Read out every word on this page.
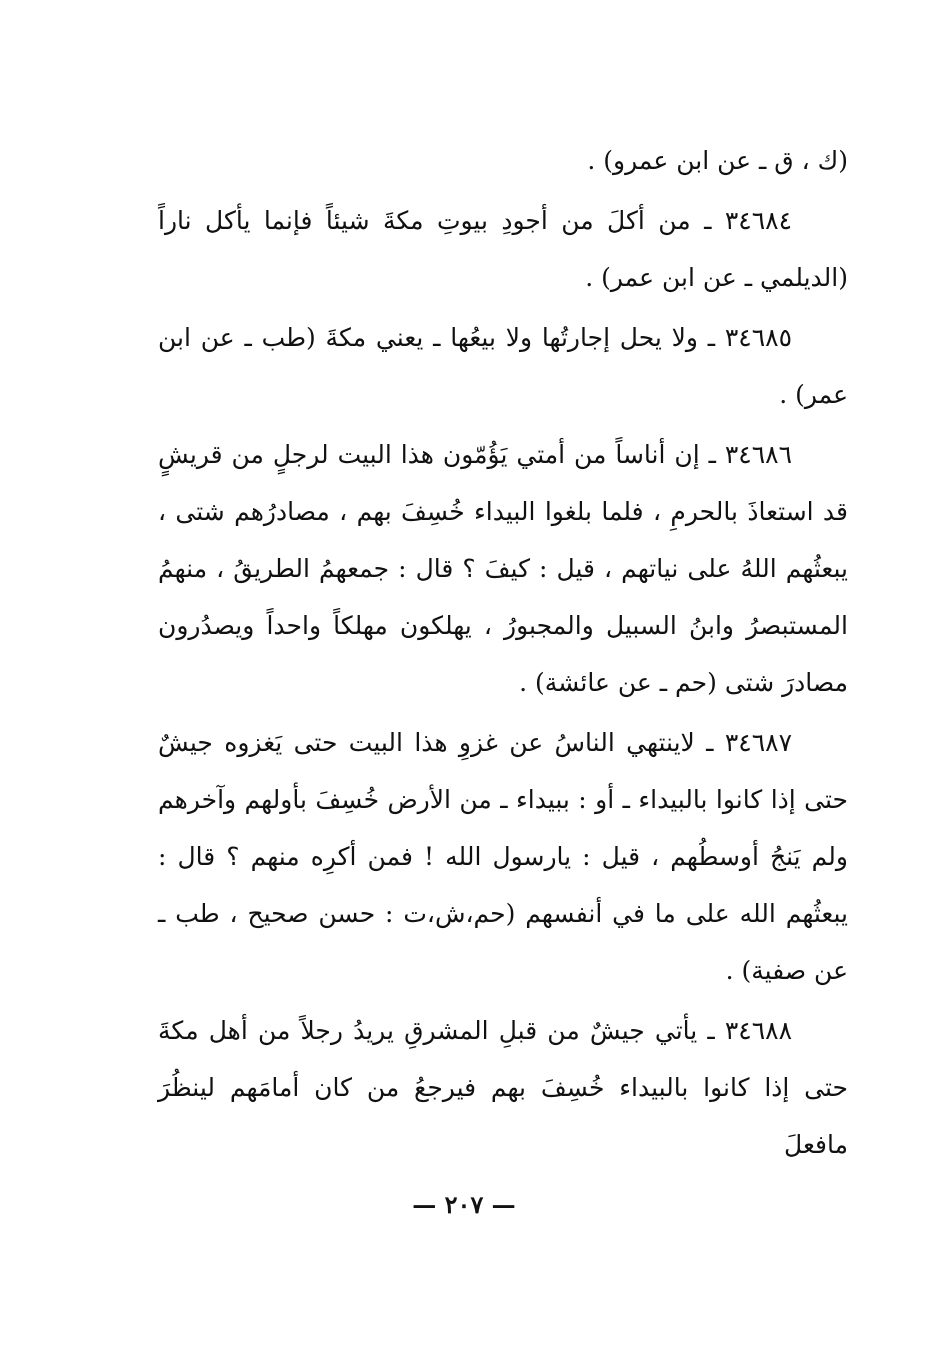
(ك ، ق ـ عن ابن عمرو) .

٣٤٦٨٤ ـ من أكلَ من أجودِ بيوتِ مكةَ شيئاً فإنما يأكل ناراً (الديلمي ـ عن ابن عمر) .

٣٤٦٨٥ ـ ولا يحل إجارتُها ولا بيعُها ـ يعني مكةَ (طب ـ عن ابن عمر) .

٣٤٦٨٦ ـ إن أناساً من أمتي يَؤُمّون هذا البيت لرجلٍ من قريشٍ قد استعاذَ بالحرمِ ، فلما بلغوا البيداء خُسِفَ بهم ، مصادرُهم شتى ، يبعثُهم اللهُ على نياتهم ، قيل : كيفَ ؟ قال : جمعهمُ الطريقُ ، منهمُ المستبصرُ وابنُ السبيل والمجبورُ ، يهلكون مهلكاً واحداً ويصدُرون مصادرَ شتى (حم ـ عن عائشة) .

٣٤٦٨٧ ـ لاينتهي الناسُ عن غزوِ هذا البيت حتى يَغزوه جيشٌ حتى إذا كانوا بالبيداء ـ أو : ببيداء ـ من الأرض خُسِفَ بأولهم وآخرهم ولم يَنجُ أوسطُهم ، قيل : يارسول الله ! فمن أكرِه منهم ؟ قال : يبعثُهم الله على ما في أنفسهم (حم،ش،ت : حسن صحيح ، طب ـ عن صفية) .

٣٤٦٨٨ ـ يأتي جيشٌ من قبلِ المشرقِ يريدُ رجلاً من أهل مكةَ حتى إذا كانوا بالبيداء خُسِفَ بهم فيرجعُ من كان أمامَهم لينظُرَ مافعلَ

— ٢٠٧ —
